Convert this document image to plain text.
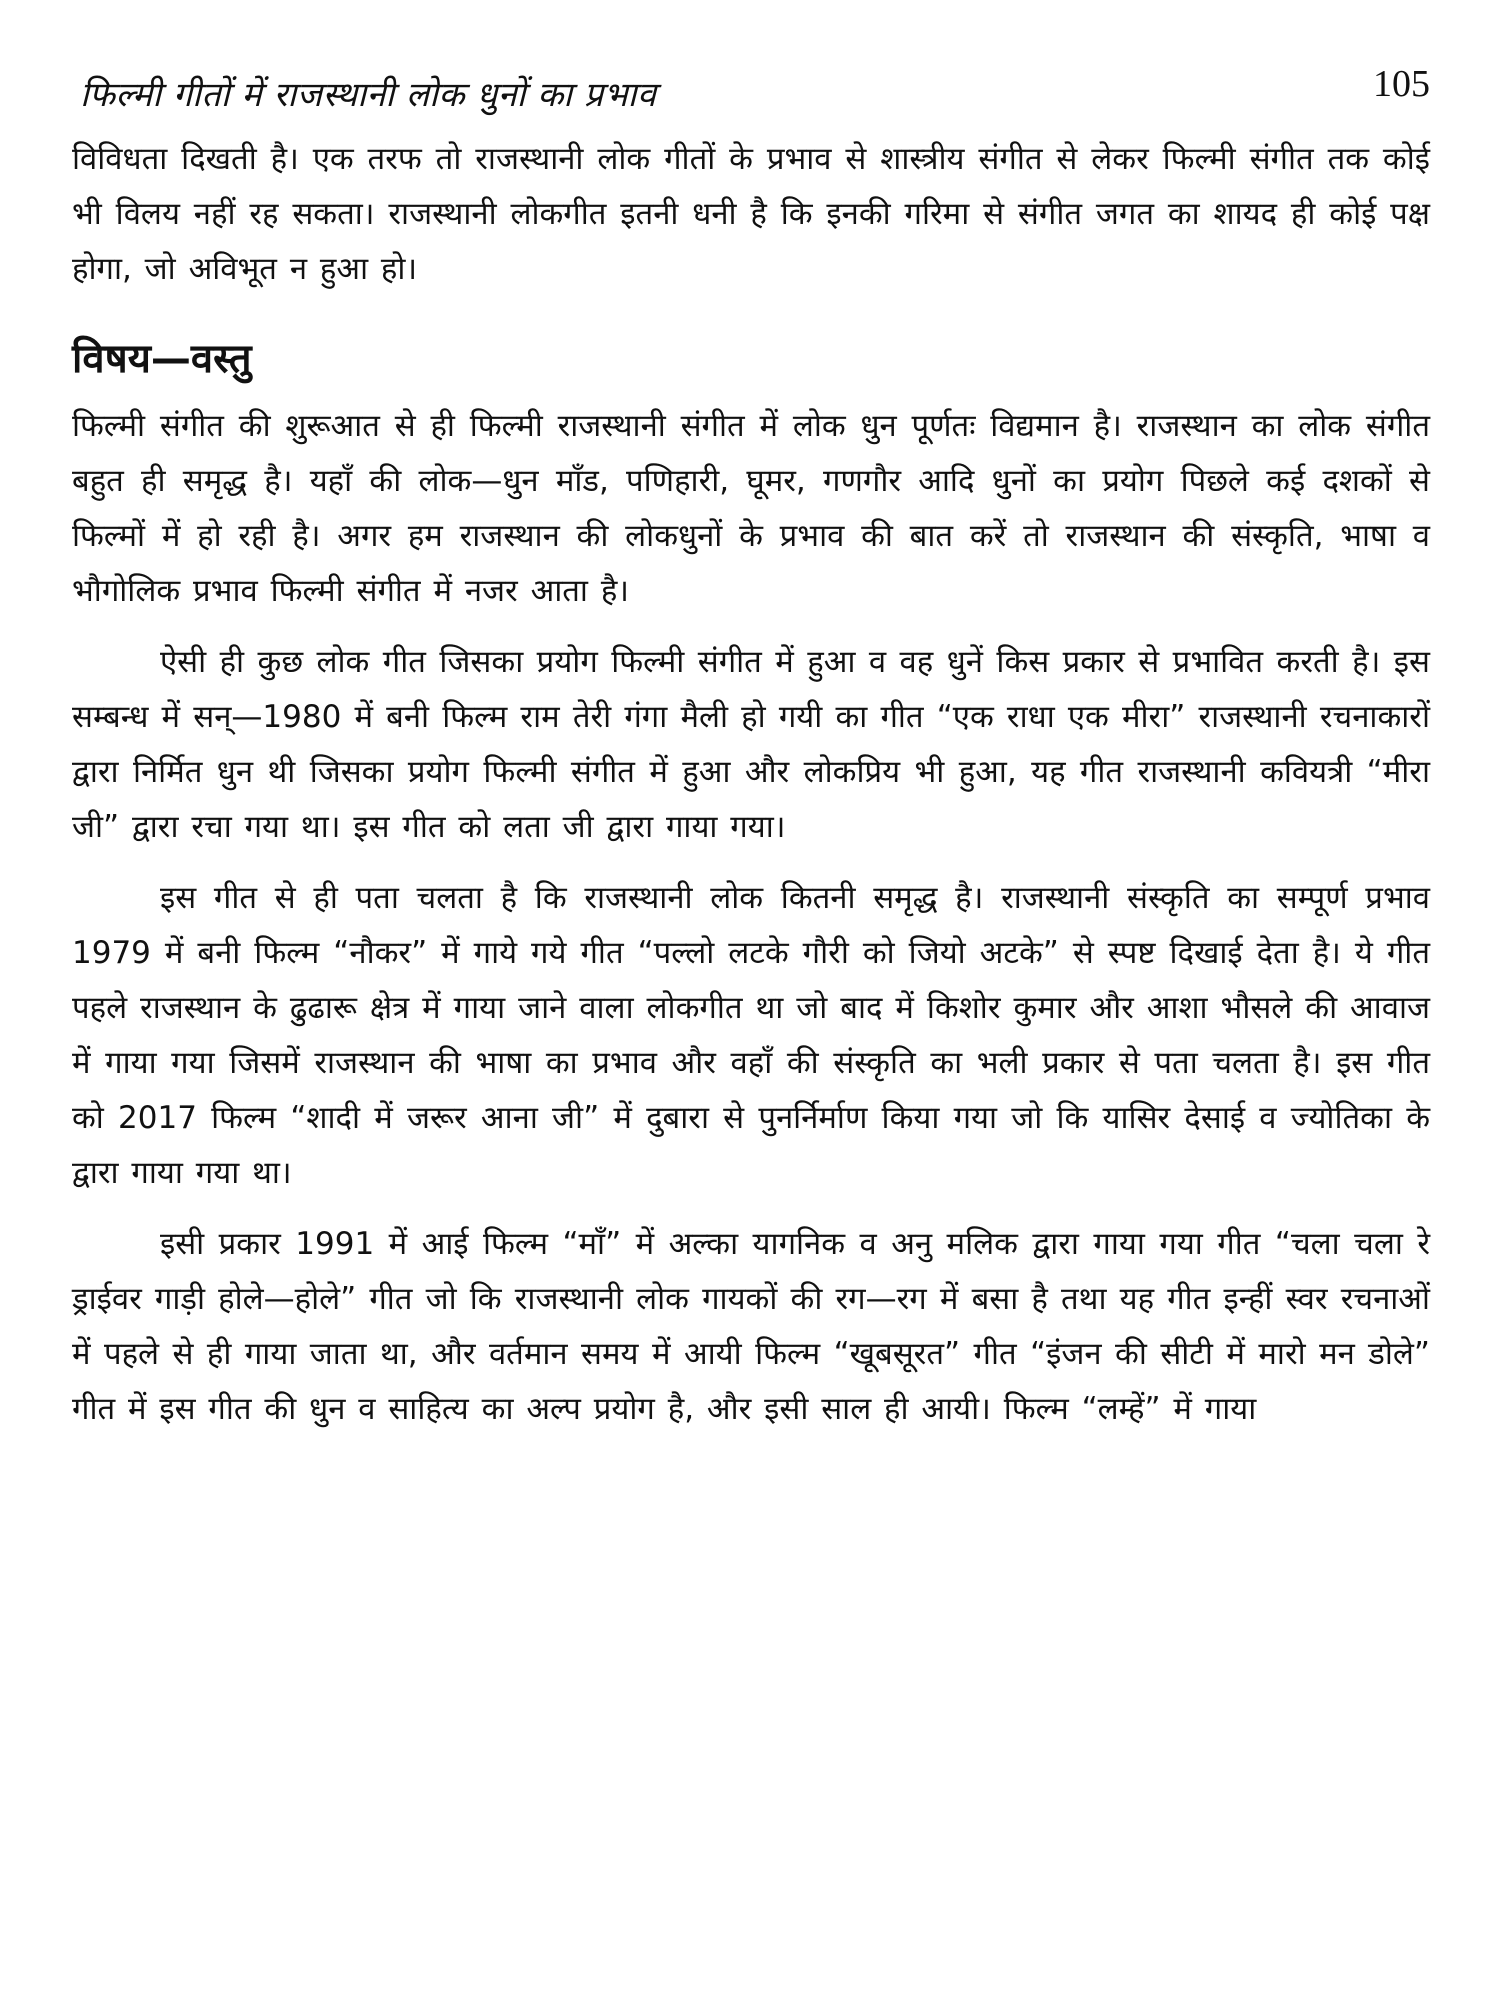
फिल्मी गीतों में राजस्थानी लोक धुनों का प्रभाव	105

विविधता दिखती है। एक तरफ तो राजस्थानी लोक गीतों के प्रभाव से शास्त्रीय संगीत से लेकर फिल्मी संगीत तक कोई भी विलय नहीं रह सकता। राजस्थानी लोकगीत इतनी धनी है कि इनकी गरिमा से संगीत जगत का शायद ही कोई पक्ष होगा, जो अविभूत न हुआ हो।

विषय—वस्तु

फिल्मी संगीत की शुरूआत से ही फिल्मी राजस्थानी संगीत में लोक धुन पूर्णतः विद्यमान है। राजस्थान का लोक संगीत बहुत ही समृद्ध है। यहाँ की लोक—धुन माँड, पणिहारी, घूमर, गणगौर आदि धुनों का प्रयोग पिछले कई दशकों से फिल्मों में हो रही है। अगर हम राजस्थान की लोकधुनों के प्रभाव की बात करें तो राजस्थान की संस्कृति, भाषा व भौगोलिक प्रभाव फिल्मी संगीत में नजर आता है।

ऐसी ही कुछ लोक गीत जिसका प्रयोग फिल्मी संगीत में हुआ व वह धुनें किस प्रकार से प्रभावित करती है। इस सम्बन्ध में सन्—1980 में बनी फिल्म राम तेरी गंगा मैली हो गयी का गीत “एक राधा एक मीरा” राजस्थानी रचनाकारों द्वारा निर्मित धुन थी जिसका प्रयोग फिल्मी संगीत में हुआ और लोकप्रिय भी हुआ, यह गीत राजस्थानी कवियत्री “मीरा जी” द्वारा रचा गया था। इस गीत को लता जी द्वारा गाया गया।

इस गीत से ही पता चलता है कि राजस्थानी लोक कितनी समृद्ध है। राजस्थानी संस्कृति का सम्पूर्ण प्रभाव 1979 में बनी फिल्म “नौकर” में गाये गये गीत “पल्लो लटके गौरी को जियो अटके” से स्पष्ट दिखाई देता है। ये गीत पहले राजस्थान के ढुढारू क्षेत्र में गाया जाने वाला लोकगीत था जो बाद में किशोर कुमार और आशा भौसले की आवाज में गाया गया जिसमें राजस्थान की भाषा का प्रभाव और वहाँ की संस्कृति का भली प्रकार से पता चलता है। इस गीत को 2017 फिल्म “शादी में जरूर आना जी” में दुबारा से पुनर्निर्माण किया गया जो कि यासिर देसाई व ज्योतिका के द्वारा गाया गया था।

इसी प्रकार 1991 में आई फिल्म “माँ” में अल्का यागनिक व अनु मलिक द्वारा गाया गया गीत “चला चला रे ड्राईवर गाड़ी होले—होले” गीत जो कि राजस्थानी लोक गायकों की रग—रग में बसा है तथा यह गीत इन्हीं स्वर रचनाओं में पहले से ही गाया जाता था, और वर्तमान समय में आयी फिल्म “खूबसूरत” गीत “इंजन की सीटी में मारो मन डोले” गीत में इस गीत की धुन व साहित्य का अल्प प्रयोग है, और इसी साल ही आयी। फिल्म “लम्हें” में गाया
